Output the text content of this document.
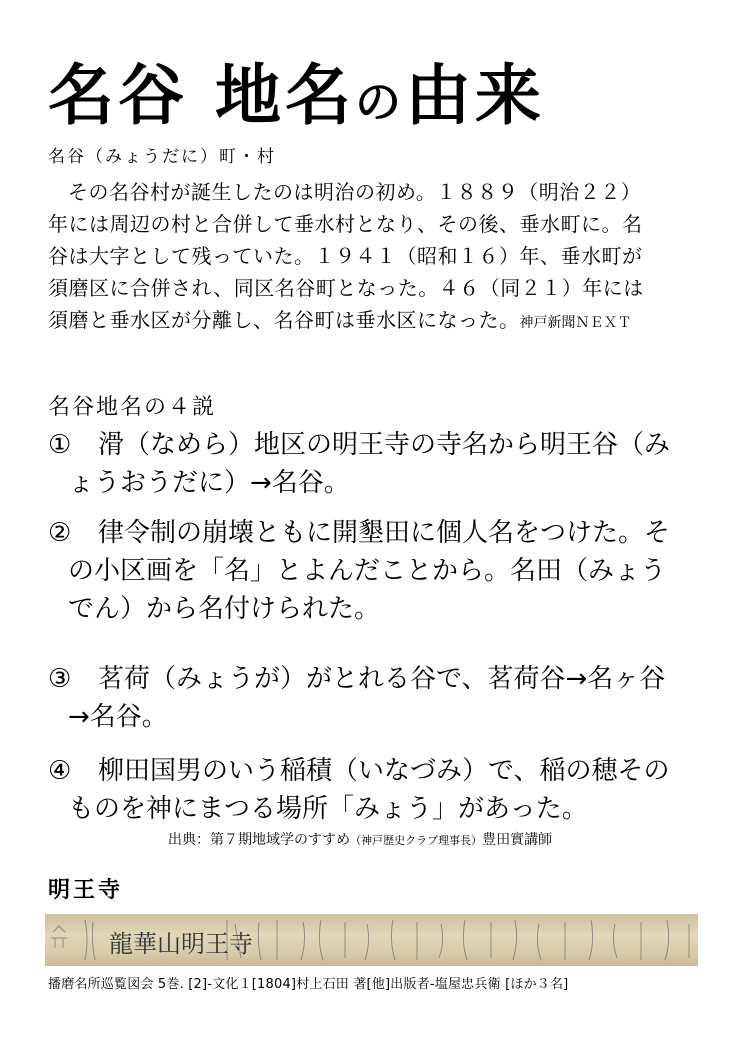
名谷 地名の由来
名谷（みょうだに）町・村
その名谷村が誕生したのは明治の初め。１８８９（明治２２）
年には周辺の村と合併して垂水村となり、その後、垂水町に。名
谷は大字として残っていた。１９４１（昭和１６）年、垂水町が
須磨区に合併され、同区名谷町となった。４６（同２１）年には
須磨と垂水区が分離し、名谷町は垂水区になった。神戸新聞ＮＥＸＴ
名谷地名の４説
① 滑（なめら）地区の明王寺の寺名から明王谷（み
ょうおうだに）→名谷。
② 律令制の崩壊ともに開墾田に個人名をつけた。そ
の小区画を「名」とよんだことから。名田（みょう
でん）から名付けられた。
③ 茗荷（みょうが）がとれる谷で、茗荷谷→名ヶ谷
→名谷。
④ 柳田国男のいう稲積（いなづみ）で、稲の穂その
ものを神にまつる場所「みょう」があった。
出典：第７期地域学のすすめ（神戸歴史クラブ理事長）豊田實講師
明王寺
龍華山明王寺
播磨名所巡覧図会 5巻. [2]-文化１[1804]村上石田 著[他]出版者-塩屋忠兵衛 [ほか３名]
